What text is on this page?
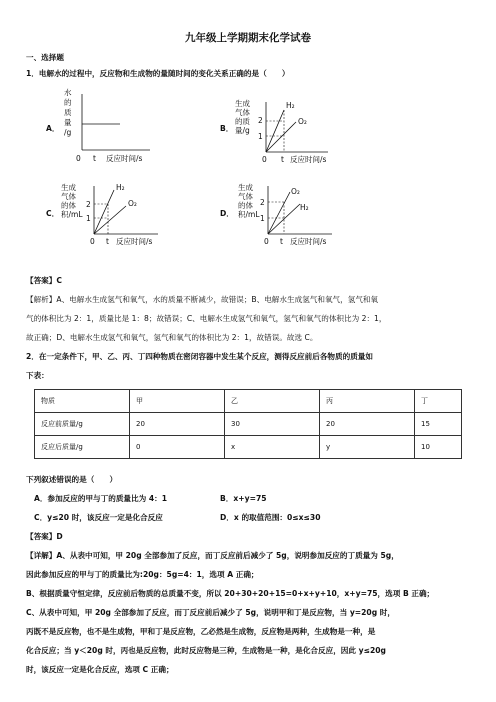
九年级上学期期末化学试卷
一、选择题
1．电解水的过程中，反应物和生成物的量随时间的变化关系正确的是（　　）
A．
水
的
质
量
/g
0 t 反应时间/s
B．
生成
气体
的质
量/g
2
1
H₂
O₂
0 t 反应时间/s
C．
生成
气体
的体
积/mL
2
1
H₂
O₂
0 t 反应时间/s
D．
生成
气体
的体
积/mL
2
1
O₂
H₂
0 t 反应时间/s
【答案】C
【解析】A、电解水生成氢气和氧气，水的质量不断减少，故错误；B、电解水生成氢气和氧气，氢气和氧
气的体积比为 2：1，质量比是 1：8；故错误；C、电解水生成氢气和氧气，氢气和氧气的体积比为 2：1，
故正确；D、电解水生成氢气和氧气，氢气和氧气的体积比为 2：1，故错误。故选 C。
2．在一定条件下，甲、乙、丙、丁四种物质在密闭容器中发生某个反应，测得反应前后各物质的质量如
下表：
物质	甲	乙	丙	丁
反应前质量/g	20	30	20	15
反应后质量/g	0	x	y	10
下列叙述错误的是（　　）
A．参加反应的甲与丁的质量比为 4：1	B．x+y=75
C．y≤20 时，该反应一定是化合反应	D．x 的取值范围：0≤x≤30
【答案】D
【详解】A、从表中可知，甲 20g 全部参加了反应，而丁反应前后减少了 5g，说明参加反应的丁质量为 5g，
因此参加反应的甲与丁的质量比为:20g：5g=4：1，选项 A 正确；
B、根据质量守恒定律，反应前后物质的总质量不变，所以 20+30+20+15=0+x+y+10，x+y=75，选项 B 正确；
C、从表中可知，甲 20g 全部参加了反应，而丁反应前后减少了 5g，说明甲和丁是反应物，当 y=20g 时，
丙既不是反应物，也不是生成物，甲和丁是反应物，乙必然是生成物，反应物是两种，生成物是一种，是
化合反应；当 y＜20g 时，丙也是反应物，此时反应物是三种，生成物是一种，是化合反应，因此 y≤20g
时，该反应一定是化合反应，选项 C 正确；
